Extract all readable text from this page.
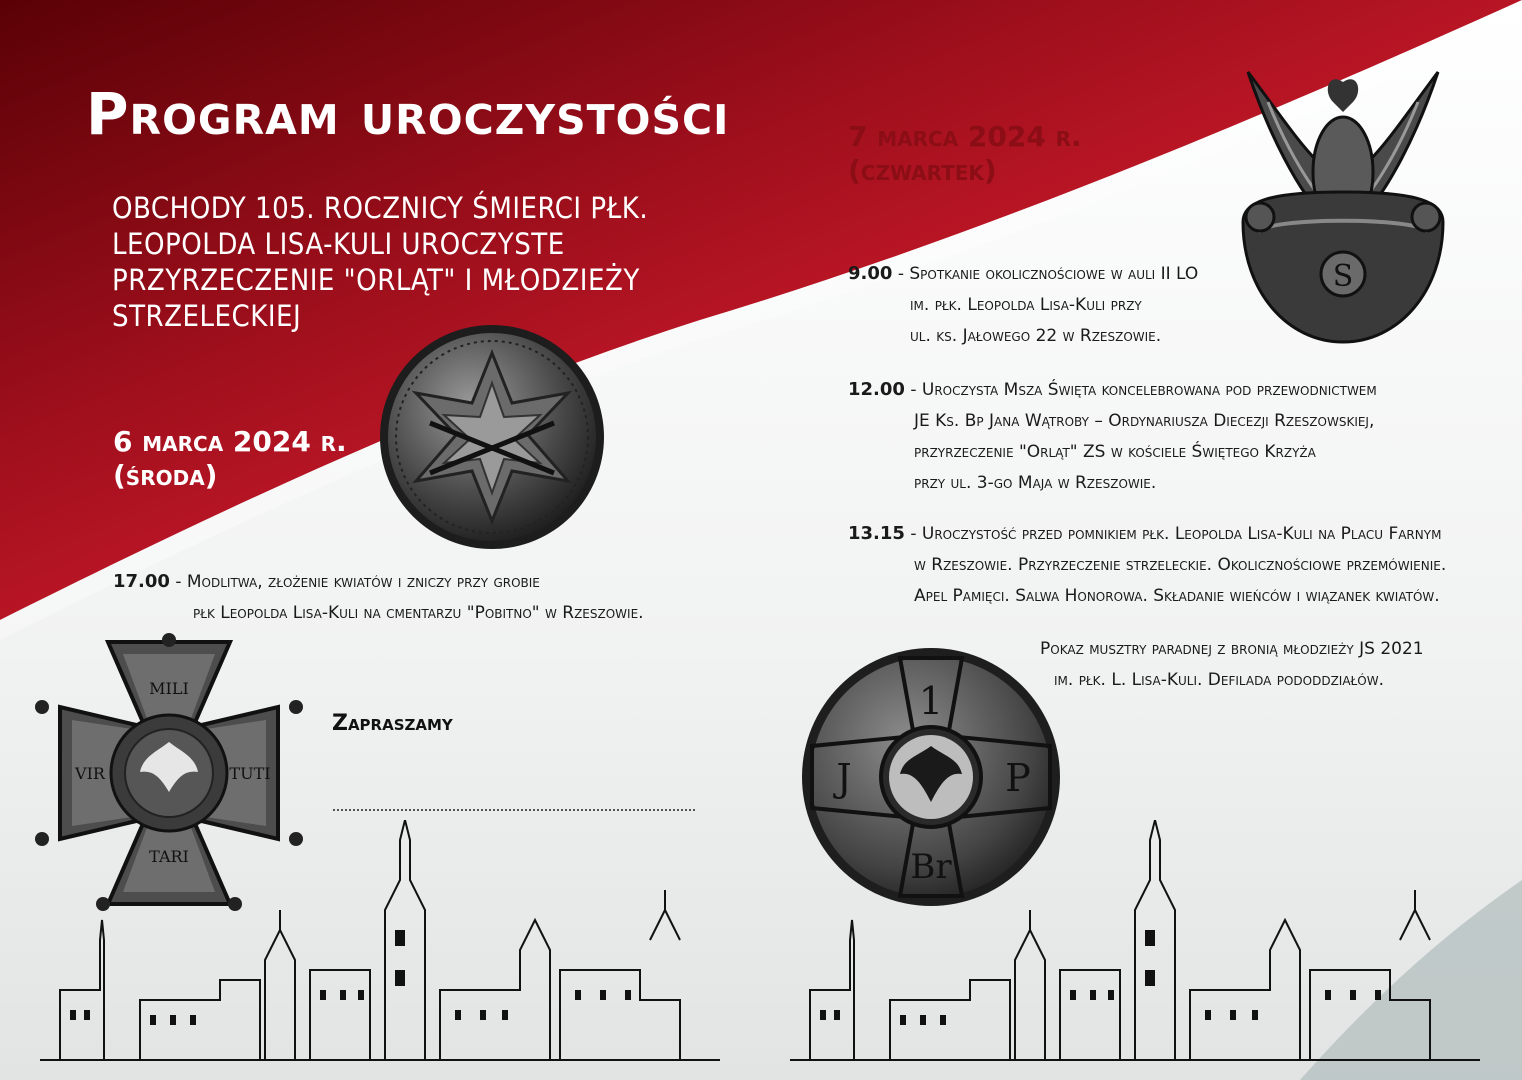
S
MILI
VIR	TUTI
TARI
1
J	P
Br
Program uroczystości
OBCHODY 105. ROCZNICY ŚMIERCI PŁK. LEOPOLDA LISA-KULI UROCZYSTE PRZYRZECZENIE "ORLĄT" I MŁODZIEŻY STRZELECKIEJ
6 marca 2024 r.
(środa)
7 marca 2024 r.
(czwartek)
17.00 - Modlitwa, złożenie kwiatów i zniczy przy grobie
płk Leopolda Lisa-Kuli na cmentarzu "Pobitno" w Rzeszowie.
9.00 - Spotkanie okolicznościowe w auli II LO
im. płk. Leopolda Lisa-Kuli przy
ul. ks. Jałowego 22 w Rzeszowie.
12.00 - Uroczysta Msza Święta koncelebrowana pod przewodnictwem
JE Ks. Bp Jana Wątroby – Ordynariusza Diecezji Rzeszowskiej,
przyrzeczenie "Orląt" ZS w kościele Świętego Krzyża
przy ul. 3-go Maja w Rzeszowie.
13.15 - Uroczystość przed pomnikiem płk. Leopolda Lisa-Kuli na Placu Farnym
w Rzeszowie. Przyrzeczenie strzeleckie. Okolicznościowe przemówienie.
Apel Pamięci. Salwa Honorowa. Składanie wieńców i wiązanek kwiatów.
Pokaz musztry paradnej z bronią młodzieży JS 2021
im. płk. L. Lisa-Kuli. Defilada pododdziałów.
Zapraszamy
